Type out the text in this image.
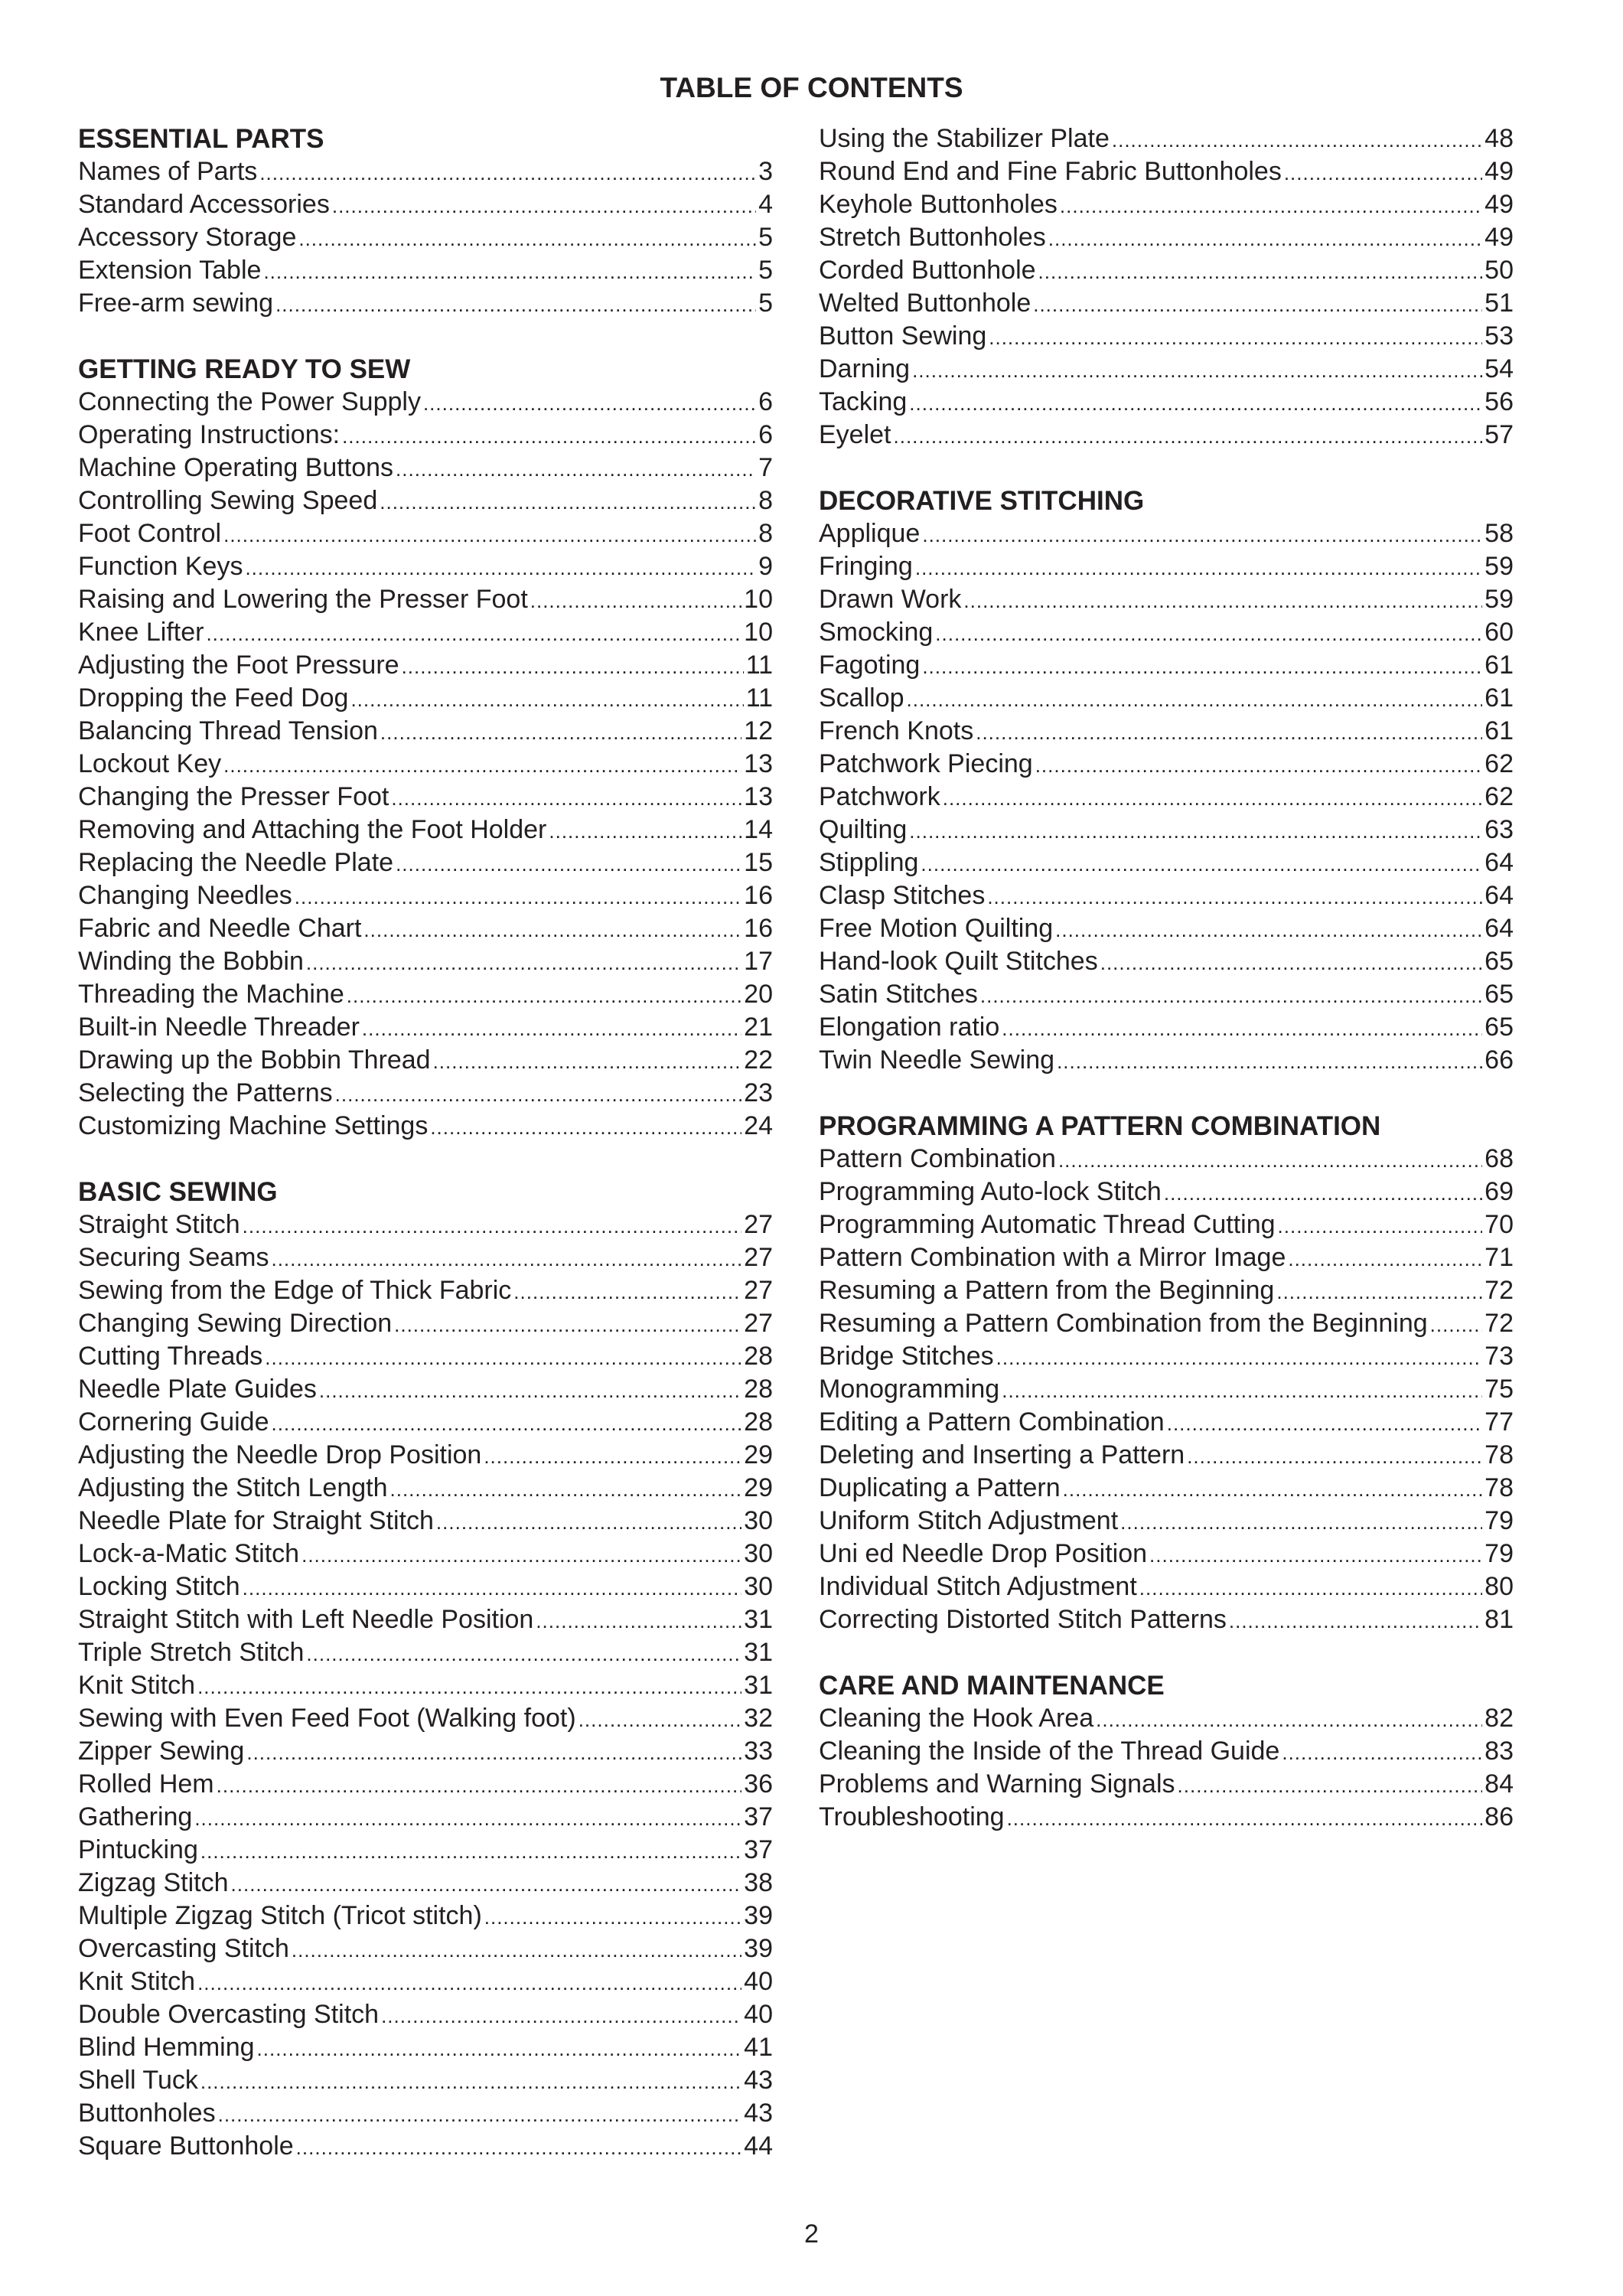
TABLE OF CONTENTS
ESSENTIAL PARTS
Names of Parts .....	3
Standard Accessories .....	4
Accessory Storage .....	5
Extension Table .....	5
Free-arm sewing .....	5
GETTING READY TO SEW
Connecting the Power Supply .....	6
Operating Instructions: .....	6
Machine Operating Buttons .....	7
Controlling Sewing Speed .....	8
Foot Control .....	8
Function Keys .....	9
Raising and Lowering the Presser Foot .....	10
Knee Lifter .....	10
Adjusting the Foot Pressure .....	11
Dropping the Feed Dog .....	11
Balancing Thread Tension .....	12
Lockout Key .....	13
Changing the Presser Foot .....	13
Removing and Attaching the Foot Holder .....	14
Replacing the Needle Plate .....	15
Changing Needles .....	16
Fabric and Needle Chart .....	16
Winding the Bobbin .....	17
Threading the Machine .....	20
Built-in Needle Threader .....	21
Drawing up the Bobbin Thread .....	22
Selecting the Patterns .....	23
Customizing Machine Settings .....	24
BASIC SEWING
Straight Stitch .....	27
Securing Seams .....	27
Sewing from the Edge of Thick Fabric .....	27
Changing Sewing Direction .....	27
Cutting Threads .....	28
Needle Plate Guides .....	28
Cornering Guide .....	28
Adjusting the Needle Drop Position .....	29
Adjusting the Stitch Length .....	29
Needle Plate for Straight Stitch .....	30
Lock-a-Matic Stitch .....	30
Locking Stitch .....	30
Straight Stitch with Left Needle Position .....	31
Triple Stretch Stitch .....	31
Knit Stitch .....	31
Sewing with Even Feed Foot (Walking foot) .....	32
Zipper Sewing .....	33
Rolled Hem .....	36
Gathering .....	37
Pintucking .....	37
Zigzag Stitch .....	38
Multiple Zigzag Stitch (Tricot stitch) .....	39
Overcasting Stitch .....	39
Knit Stitch .....	40
Double Overcasting Stitch .....	40
Blind Hemming .....	41
Shell Tuck .....	43
Buttonholes .....	43
Square Buttonhole .....	44
Using the Stabilizer Plate .....	48
Round End and Fine Fabric Buttonholes .....	49
Keyhole Buttonholes .....	49
Stretch Buttonholes .....	49
Corded Buttonhole .....	50
Welted Buttonhole .....	51
Button Sewing .....	53
Darning .....	54
Tacking .....	56
Eyelet .....	57
DECORATIVE STITCHING
Applique .....	58
Fringing .....	59
Drawn Work .....	59
Smocking .....	60
Fagoting .....	61
Scallop .....	61
French Knots .....	61
Patchwork Piecing .....	62
Patchwork .....	62
Quilting .....	63
Stippling .....	64
Clasp Stitches .....	64
Free Motion Quilting .....	64
Hand-look Quilt Stitches .....	65
Satin Stitches .....	65
Elongation ratio .....	65
Twin Needle Sewing .....	66
PROGRAMMING A PATTERN COMBINATION
Pattern Combination .....	68
Programming Auto-lock Stitch .....	69
Programming Automatic Thread Cutting .....	70
Pattern Combination with a Mirror Image .....	71
Resuming a Pattern from the Beginning .....	72
Resuming a Pattern Combination from the Beginning ..... 72
Bridge Stitches .....	73
Monogramming .....	75
Editing a Pattern Combination .....	77
Deleting and Inserting a Pattern .....	78
Duplicating a Pattern .....	78
Uniform Stitch Adjustment .....	79
Uni ed Needle Drop Position .....	79
Individual Stitch Adjustment .....	80
Correcting Distorted Stitch Patterns .....	81
CARE AND MAINTENANCE
Cleaning the Hook Area .....	82
Cleaning the Inside of the Thread Guide .....	83
Problems and Warning Signals .....	84
Troubleshooting .....	86
2
